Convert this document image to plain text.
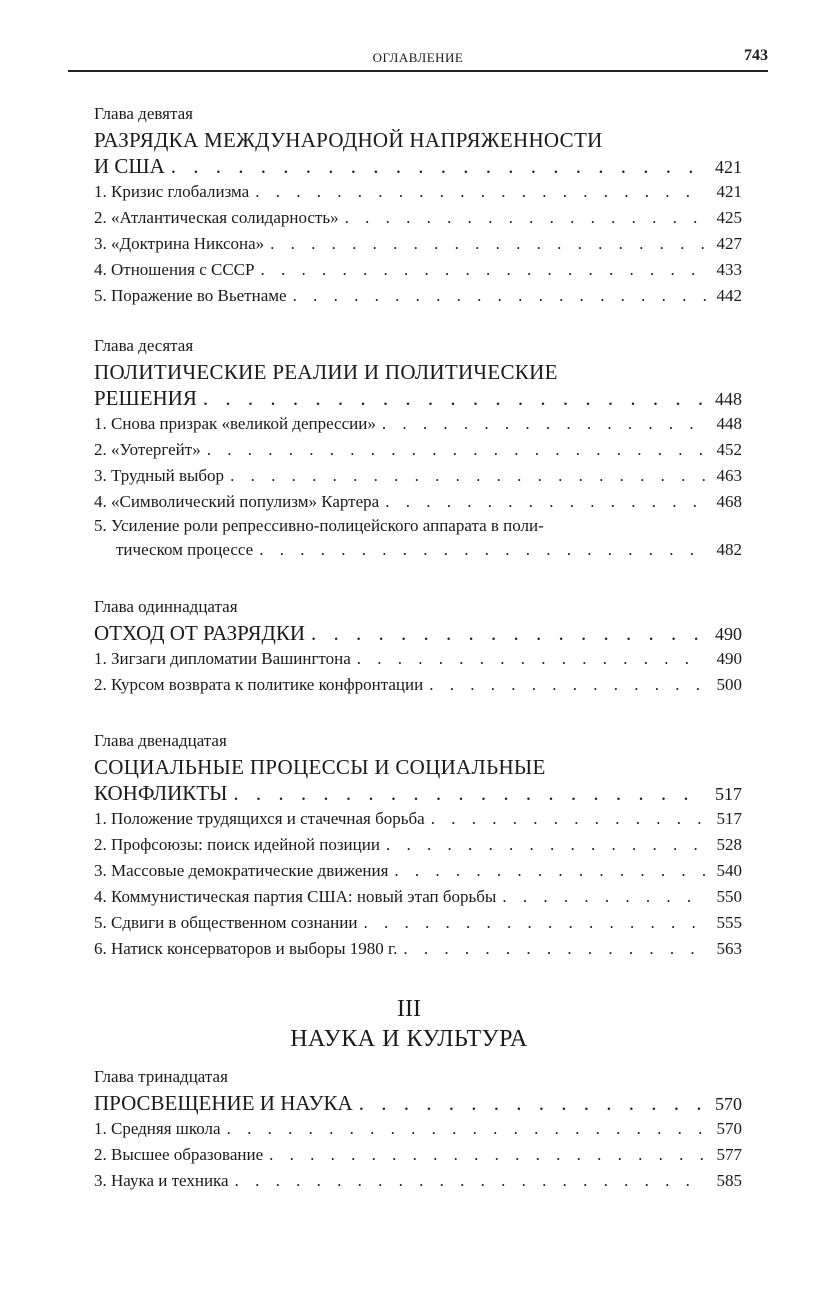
ОГЛАВЛЕНИЕ	743
Глава девятая
РАЗРЯДКА МЕЖДУНАРОДНОЙ НАПРЯЖЕННОСТИ
И США . . .	421
1. Кризис глобализма . . .	421
2. «Атлантическая солидарность» . . .	425
3. «Доктрина Никсона» . . .	427
4. Отношения с СССР . . .	433
5. Поражение во Вьетнаме . . .	442
Глава десятая
ПОЛИТИЧЕСКИЕ РЕАЛИИ И ПОЛИТИЧЕСКИЕ
РЕШЕНИЯ . . .	448
1. Снова призрак «великой депрессии» . . .	448
2. «Уотергейт» . . .	452
3. Трудный выбор . . .	463
4. «Символический популизм» Картера . . .	468
5. Усиление роли репрессивно-полицейского аппарата в поли-
тическом процессе . . .	482
Глава одиннадцатая
ОТХОД ОТ РАЗРЯДКИ . . .	490
1. Зигзаги дипломатии Вашингтона . . .	490
2. Курсом возврата к политике конфронтации . . .	500
Глава двенадцатая
СОЦИАЛЬНЫЕ ПРОЦЕССЫ И СОЦИАЛЬНЫЕ
КОНФЛИКТЫ . . .	517
1. Положение трудящихся и стачечная борьба . . .	517
2. Профсоюзы: поиск идейной позиции . . .	528
3. Массовые демократические движения . . .	540
4. Коммунистическая партия США: новый этап борьбы . . .	550
5. Сдвиги в общественном сознании . . .	555
6. Натиск консерваторов и выборы 1980 г. . . .	563
III
НАУКА И КУЛЬТУРА
Глава тринадцатая
ПРОСВЕЩЕНИЕ И НАУКА . . .	570
1. Средняя школа . . .	570
2. Высшее образование . . .	577
3. Наука и техника . . .	585
